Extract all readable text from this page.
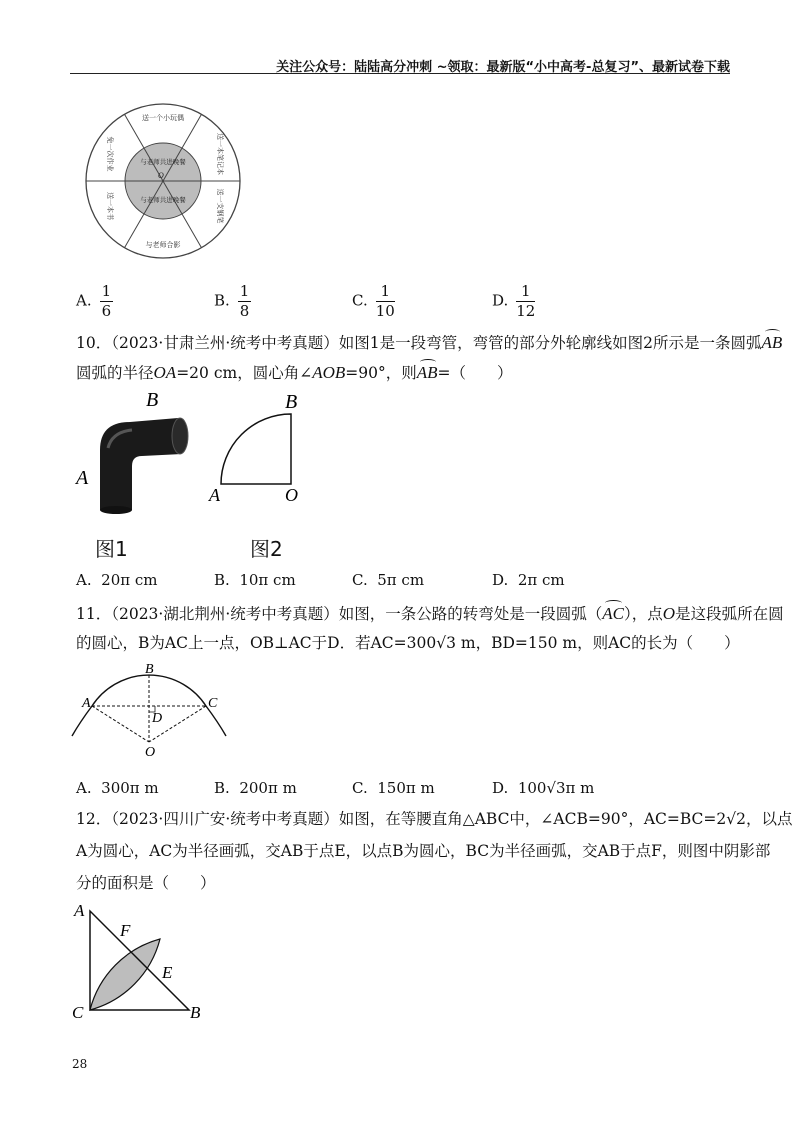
关注公众号：陆陆高分冲刺 ~领取：最新版“小中高考-总复习”、最新试卷下载
送一个小玩偶
送一本笔记本
送一支钢笔
与老师合影
送一本书
免一次作业	与老师共进晚餐
与老师共进晚餐
O
A. $\frac{1}{6}$	B. $\frac{1}{8}$	C. $\frac{1}{10}$	D. $\frac{1}{12}$
10．（2023·甘肃兰州·统考中考真题）如图1是一段弯管，弯管的部分外轮廓线如图2所示是一条圆弧AB
圆弧的半径OA=20 cm，圆心角∠AOB=90°，则AB=（　　）
B
A
B
A	O
图1	图2
A. 20π cm	B. 10π cm	C. 5π cm	D. 2π cm
11．（2023·湖北荆州·统考中考真题）如图，一条公路的转弯处是一段圆弧（AC），点O是这段弧所在圆
的圆心，B为AC上一点，OB⊥AC于D．若AC=300√3 m，BD=150 m，则AC的长为（　　）
B
A	C
D
O
A. 300π m	B. 200π m	C. 150π m	D. 100√3π m
12．（2023·四川广安·统考中考真题）如图，在等腰直角△ABC中，∠ACB=90°，AC=BC=2√2，以点
A为圆心，AC为半径画弧，交AB于点E，以点B为圆心，BC为半径画弧，交AB于点F，则图中阴影部
分的面积是（　　）
A
C	B
F
E
28
